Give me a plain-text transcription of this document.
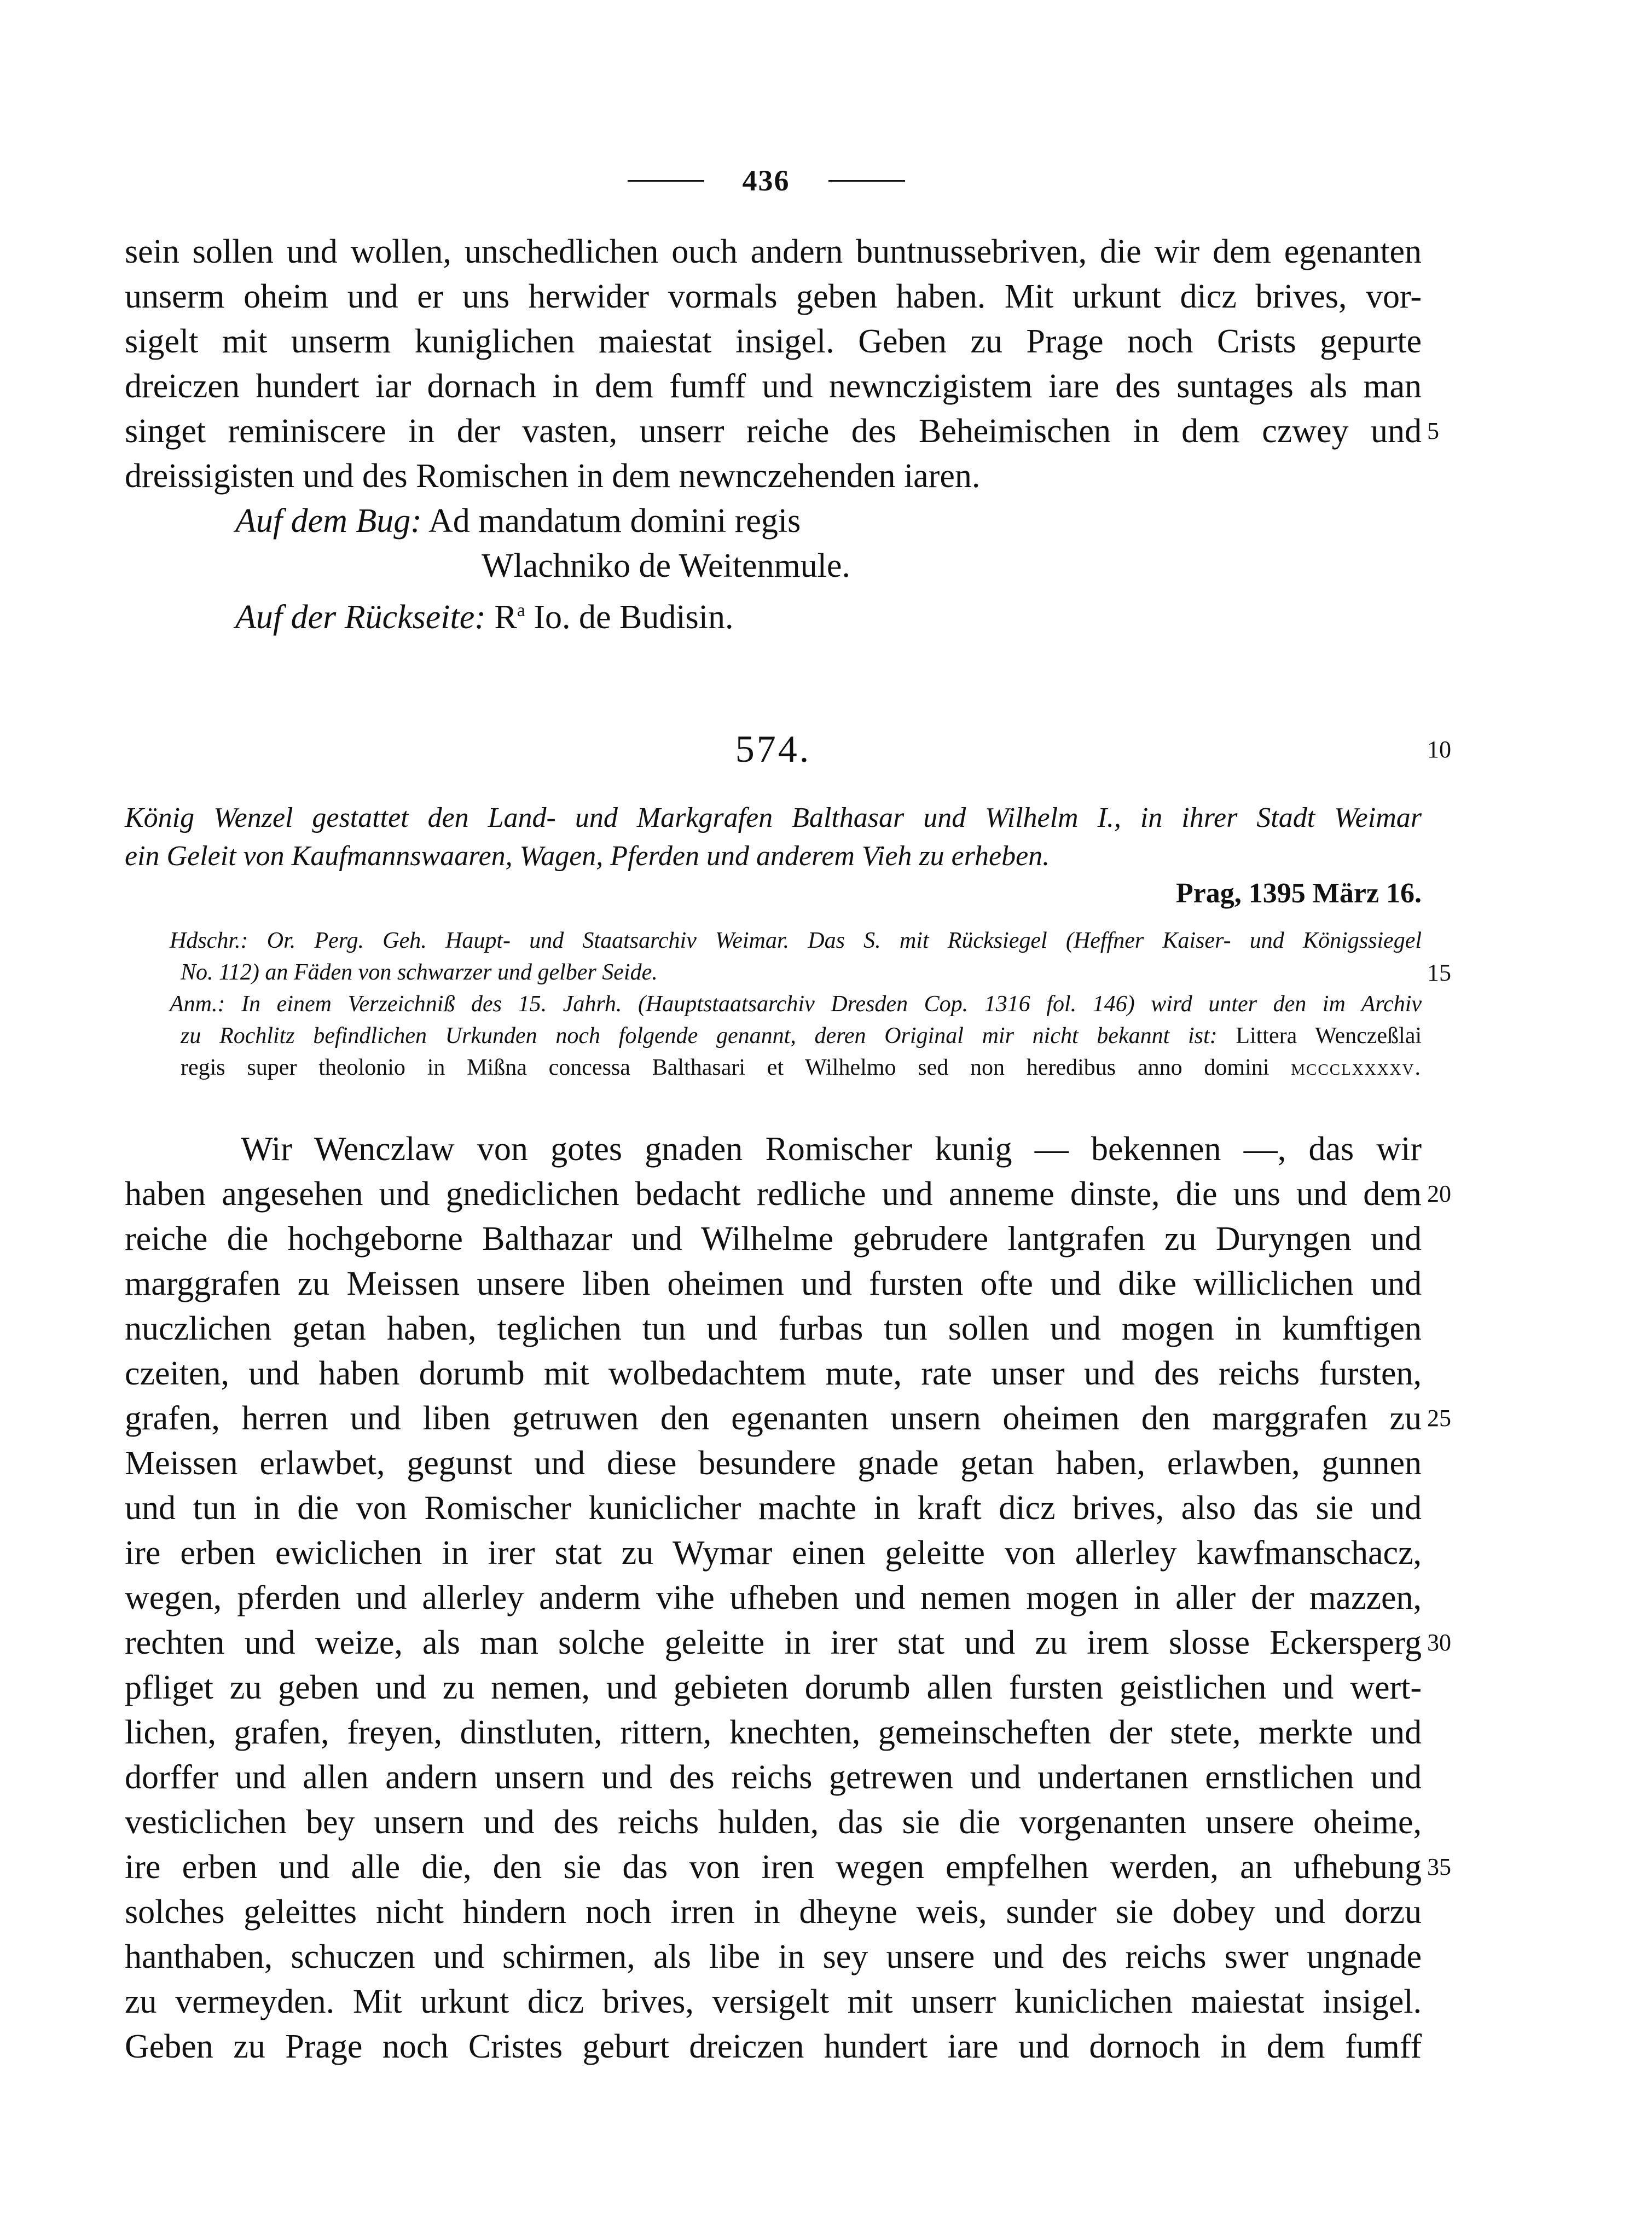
436
sein sollen und wollen, unschedlichen ouch andern buntnussebriven, die wir dem egenanten
unserm oheim und er uns herwider vormals geben haben. Mit urkunt dicz brives, vor-
sigelt mit unserm kuniglichen maiestat insigel. Geben zu Prage noch Crists gepurte
dreiczen hundert iar dornach in dem fumff und newnczigistem iare des suntages als man
singet reminiscere in der vasten, unserr reiche des Beheimischen in dem czwey und 5
dreissigisten und des Romischen in dem newnczehenden iaren.
Auf dem Bug: Ad mandatum domini regis
Wlachniko de Weitenmule.
Auf der Rückseite: $R^a$ Io. de Budisin.
574.	10
König Wenzel gestattet den Land- und Markgrafen Balthasar und Wilhelm I., in ihrer Stadt Weimar
ein Geleit von Kaufmannswaaren, Wagen, Pferden und anderem Vieh zu erheben.
Prag, 1395 März 16.
Hdschr.: Or. Perg. Geh. Haupt- und Staatsarchiv Weimar. Das S. mit Rücksiegel (Heffner Kaiser- und Königssiegel
No. 112) an Fäden von schwarzer und gelber Seide.	15
Anm.: In einem Verzeichniß des 15. Jahrh. (Hauptstaatsarchiv Dresden Cop. 1316 fol. 146) wird unter den im Archiv
zu Rochlitz befindlichen Urkunden noch folgende genannt, deren Original mir nicht bekannt ist: Littera Wenczeßlai
regis super theolonio in Mißna concessa Balthasari et Wilhelmo sed non heredibus anno domini mccclxxxxv.
Wir Wenczlaw von gotes gnaden Romischer kunig — bekennen —, das wir
haben angesehen und gnediclichen bedacht redliche und anneme dinste, die uns und dem 20
reiche die hochgeborne Balthazar und Wilhelme gebrudere lantgrafen zu Duryngen und
marggrafen zu Meissen unsere liben oheimen und fursten ofte und dike williclichen und
nuczlichen getan haben, teglichen tun und furbas tun sollen und mogen in kumftigen
czeiten, und haben dorumb mit wolbedachtem mute, rate unser und des reichs fursten,
grafen, herren und liben getruwen den egenanten unsern oheimen den marggrafen zu 25
Meissen erlawbet, gegunst und diese besundere gnade getan haben, erlawben, gunnen
und tun in die von Romischer kuniclicher machte in kraft dicz brives, also das sie und
ire erben ewiclichen in irer stat zu Wymar einen geleitte von allerley kawfmanschacz,
wegen, pferden und allerley anderm vihe ufheben und nemen mogen in aller der mazzen,
rechten und weize, als man solche geleitte in irer stat und zu irem slosse Eckersperg 30
pfliget zu geben und zu nemen, und gebieten dorumb allen fursten geistlichen und wert-
lichen, grafen, freyen, dinstluten, rittern, knechten, gemeinscheften der stete, merkte und
dorffer und allen andern unsern und des reichs getrewen und undertanen ernstlichen und
vesticlichen bey unsern und des reichs hulden, das sie die vorgenanten unsere oheime,
ire erben und alle die, den sie das von iren wegen empfelhen werden, an ufhebung 35
solches geleittes nicht hindern noch irren in dheyne weis, sunder sie dobey und dorzu
hanthaben, schuczen und schirmen, als libe in sey unsere und des reichs swer ungnade
zu vermeyden. Mit urkunt dicz brives, versigelt mit unserr kuniclichen maiestat insigel.
Geben zu Prage noch Cristes geburt dreiczen hundert iare und dornoch in dem fumff
